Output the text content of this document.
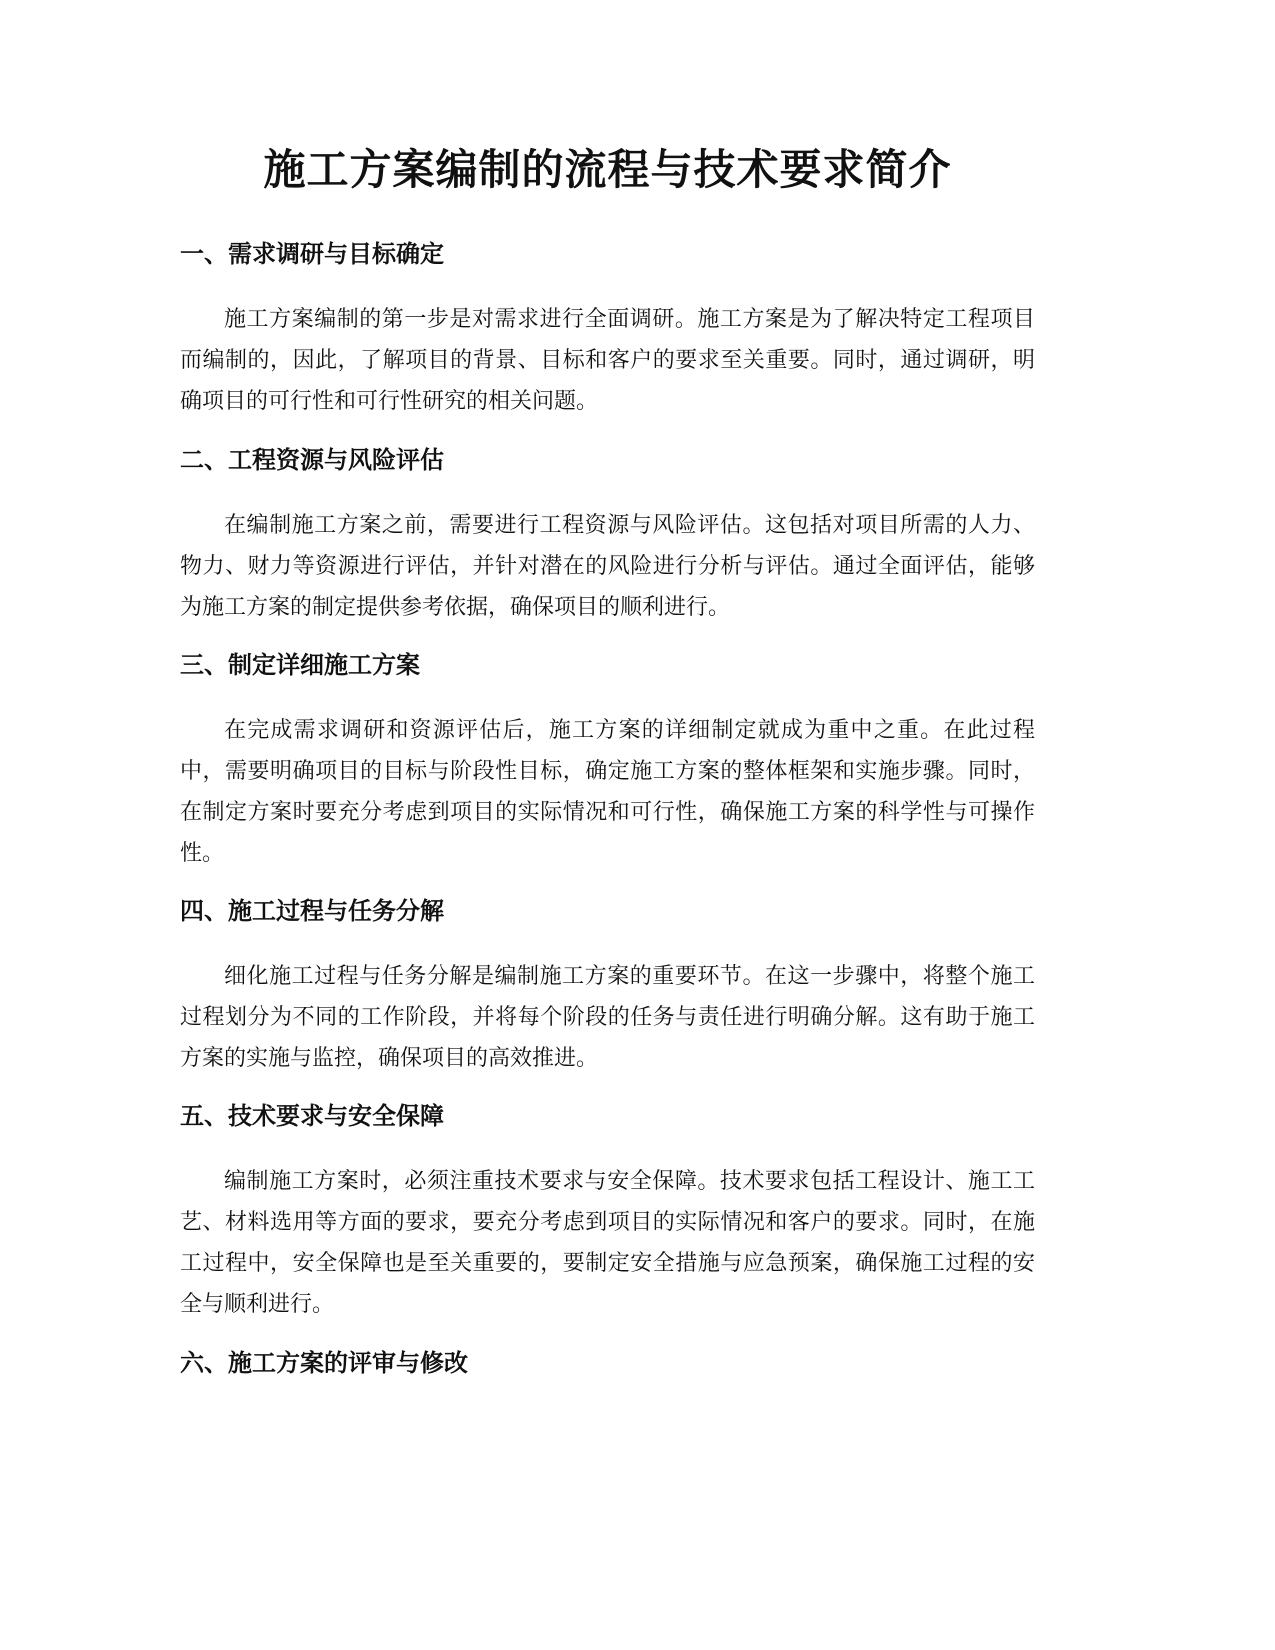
施工方案编制的流程与技术要求简介
一、需求调研与目标确定

施工方案编制的第一步是对需求进行全面调研。施工方案是为了解决特定工程项目而编制的，因此，了解项目的背景、目标和客户的要求至关重要。同时，通过调研，明确项目的可行性和可行性研究的相关问题。

二、工程资源与风险评估

在编制施工方案之前，需要进行工程资源与风险评估。这包括对项目所需的人力、物力、财力等资源进行评估，并针对潜在的风险进行分析与评估。通过全面评估，能够为施工方案的制定提供参考依据，确保项目的顺利进行。

三、制定详细施工方案

在完成需求调研和资源评估后，施工方案的详细制定就成为重中之重。在此过程中，需要明确项目的目标与阶段性目标，确定施工方案的整体框架和实施步骤。同时，在制定方案时要充分考虑到项目的实际情况和可行性，确保施工方案的科学性与可操作性。

四、施工过程与任务分解

细化施工过程与任务分解是编制施工方案的重要环节。在这一步骤中，将整个施工过程划分为不同的工作阶段，并将每个阶段的任务与责任进行明确分解。这有助于施工方案的实施与监控，确保项目的高效推进。

五、技术要求与安全保障

编制施工方案时，必须注重技术要求与安全保障。技术要求包括工程设计、施工工艺、材料选用等方面的要求，要充分考虑到项目的实际情况和客户的要求。同时，在施工过程中，安全保障也是至关重要的，要制定安全措施与应急预案，确保施工过程的安全与顺利进行。

六、施工方案的评审与修改
